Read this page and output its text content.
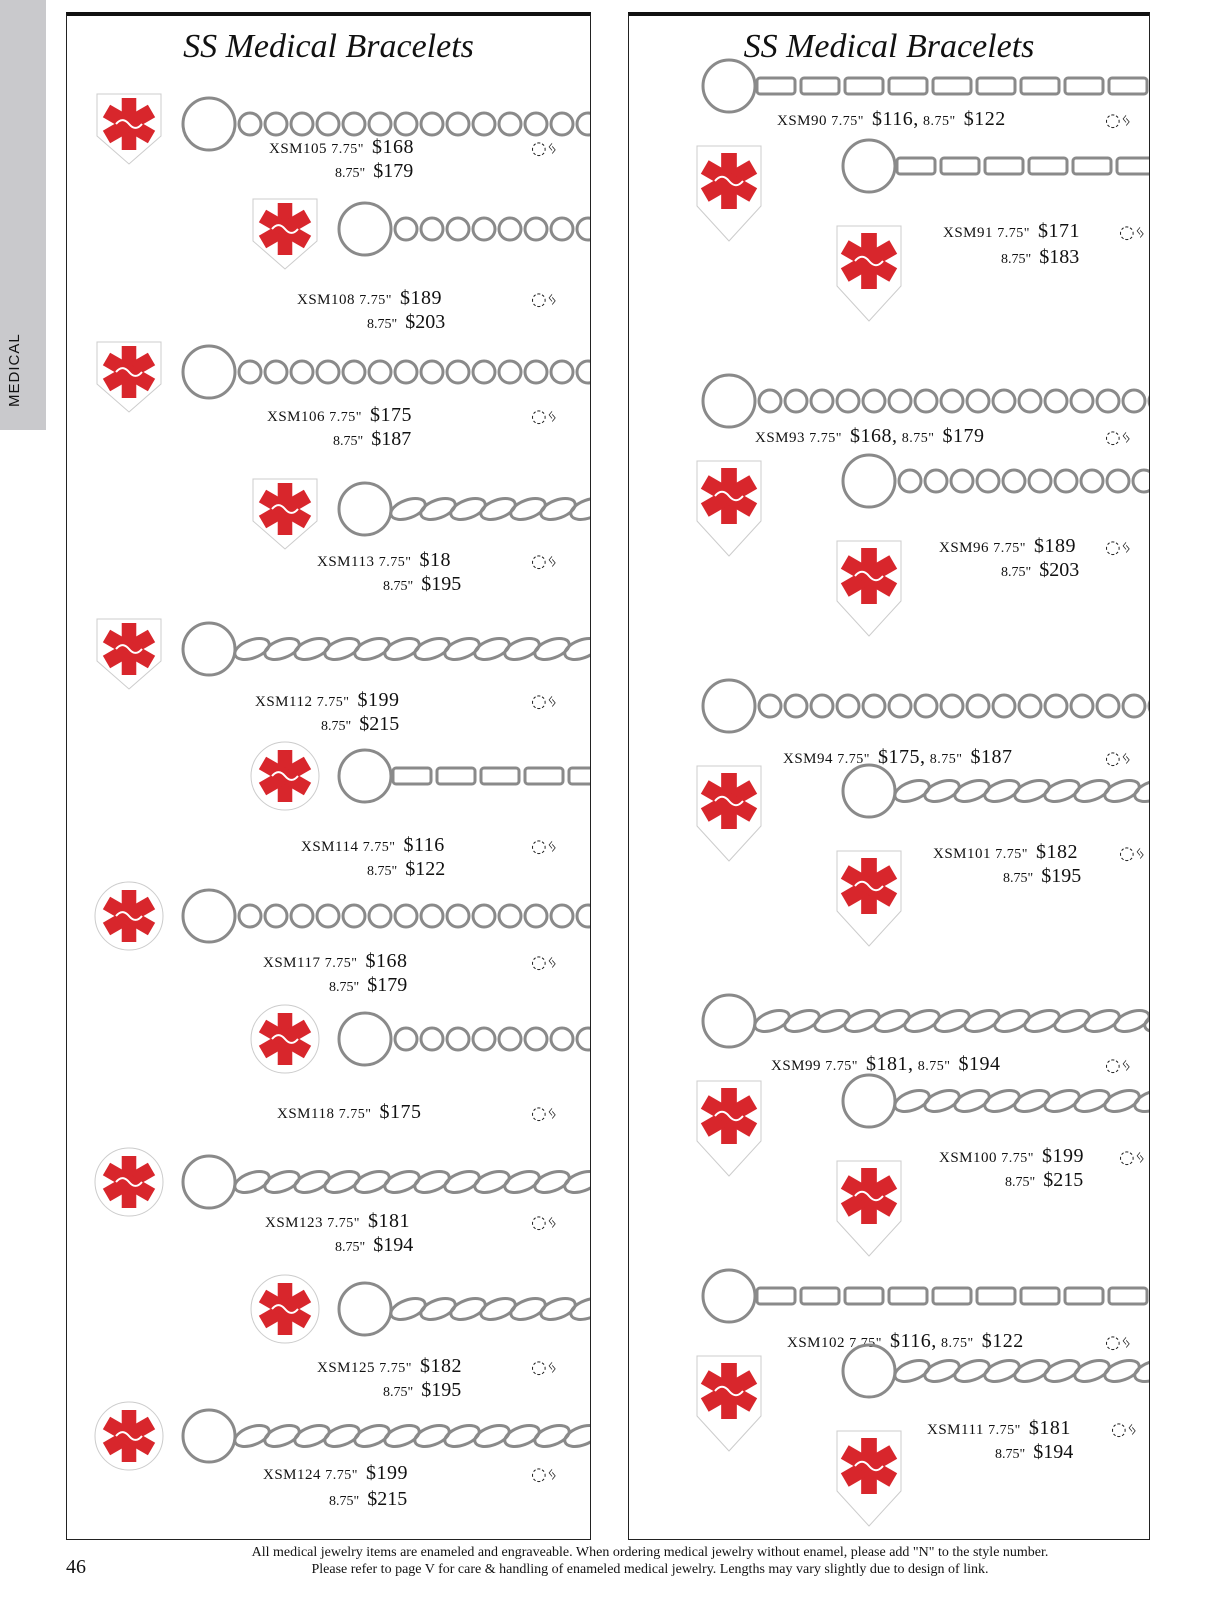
MEDICAL
SS Medical Bracelets
XSM105 7.75" $168
8.75" $179
◌ᛃ
XSM108 7.75" $189
8.75" $203
◌ᛃ
XSM106 7.75" $175
8.75" $187
◌ᛃ
XSM113 7.75" $18
8.75" $195
◌ᛃ
XSM112 7.75" $199
8.75" $215
◌ᛃ
XSM114 7.75" $116
8.75" $122
◌ᛃ
XSM117 7.75" $168
8.75" $179
◌ᛃ
XSM118 7.75" $175	◌ᛃ
XSM123 7.75" $181
8.75" $194
◌ᛃ
XSM125 7.75" $182
8.75" $195
◌ᛃ
XSM124 7.75" $199
8.75" $215
◌ᛃ
SS Medical Bracelets
XSM90 7.75" $116, 8.75" $122	◌ᛃ
XSM91 7.75" $171
8.75" $183
◌ᛃ
XSM93 7.75" $168, 8.75" $179	◌ᛃ
XSM96 7.75" $189
8.75" $203
◌ᛃ
XSM94 7.75" $175, 8.75" $187	◌ᛃ
XSM101 7.75" $182
8.75" $195
◌ᛃ
XSM99 7.75" $181, 8.75" $194	◌ᛃ
XSM100 7.75" $199
8.75" $215
◌ᛃ
XSM102 7.75" $116, 8.75" $122	◌ᛃ
XSM111 7.75" $181
8.75" $194
◌ᛃ
46
All medical jewelry items are enameled and engraveable. When ordering medical jewelry without enamel, please add "N" to the style number.
Please refer to page V for care & handling of enameled medical jewelry. Lengths may vary slightly due to design of link.
